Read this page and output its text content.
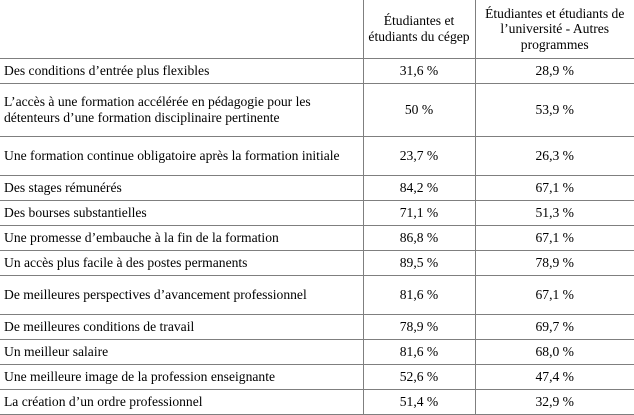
	Étudiantes et étudiants du cégep	Étudiantes et étudiants de l’université - Autres programmes
Des conditions d’entrée plus flexibles	31,6 %	28,9 %
L’accès à une formation accélérée en pédagogie pour les détenteurs d’une formation disciplinaire pertinente	50 %	53,9 %
Une formation continue obligatoire après la formation initiale	23,7 %	26,3 %
Des stages rémunérés	84,2 %	67,1 %
Des bourses substantielles	71,1 %	51,3 %
Une promesse d’embauche à la fin de la formation	86,8 %	67,1 %
Un accès plus facile à des postes permanents	89,5 %	78,9 %
De meilleures perspectives d’avancement professionnel	81,6 %	67,1 %
De meilleures conditions de travail	78,9 %	69,7 %
Un meilleur salaire	81,6 %	68,0 %
Une meilleure image de la profession enseignante	52,6 %	47,4 %
La création d’un ordre professionnel	51,4 %	32,9 %
